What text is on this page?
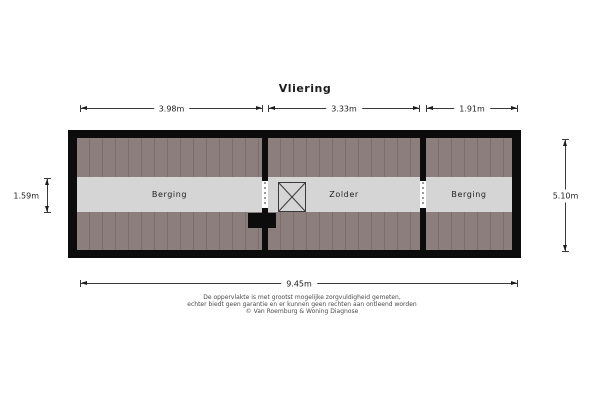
Vliering
3.98m	3.33m	1.91m
1.59m	5.10m
9.45m
Berging	Zolder	Berging
De oppervlakte is met grootst mogelijke zorgvuldigheid gemeten,
echter biedt geen garantie en er kunnen geen rechten aan ontleend worden
© Van Roemburg & Woning Diagnose
